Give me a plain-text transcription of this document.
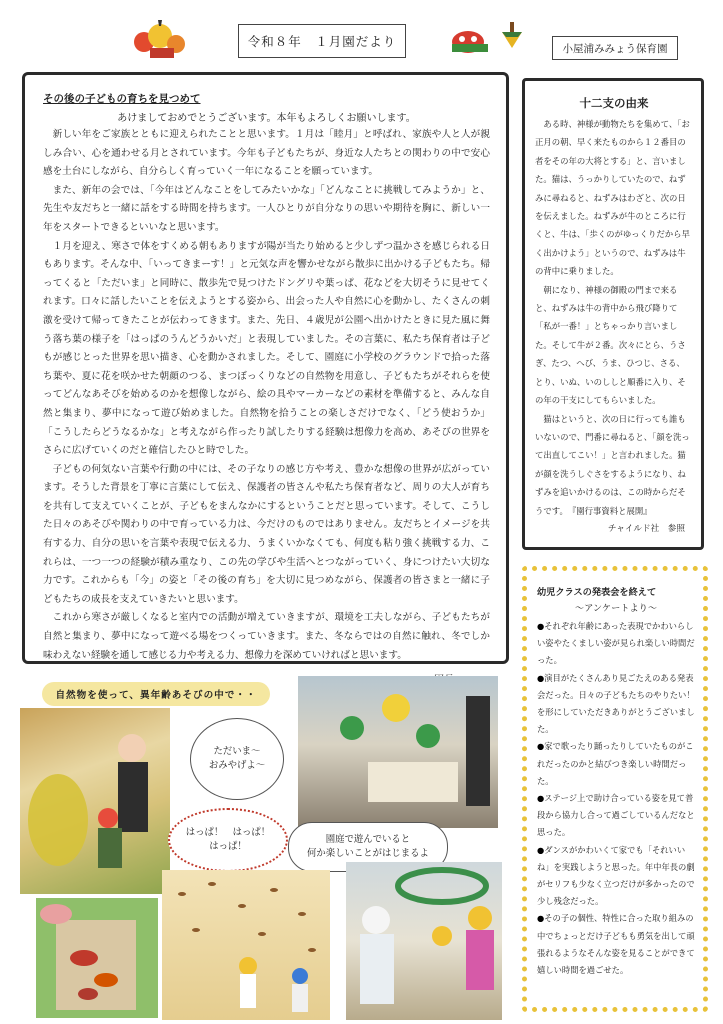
令和８年　１月園だより	小屋浦みみょう保育園
その後の子どもの育ちを見つめて
あけましておめでとうございます。本年もよろしくお願いします。

新しい年をご家族とともに迎えられたことと思います。１月は「睦月」と呼ばれ、家族や人と人が親しみ合い、心を通わせる月とされています。今年も子どもたちが、身近な人たちとの関わりの中で安心感を土台にしながら、自分らしく育っていく一年になることを願っています。

また、新年の会では、「今年はどんなことをしてみたいかな」「どんなことに挑戦してみようか」と、先生や友だちと一緒に話をする時間を持ちます。一人ひとりが自分なりの思いや期待を胸に、新しい一年をスタートできるといいなと思います。

１月を迎え、寒さで体をすくめる朝もありますが陽が当たり始めると少しずつ温かさを感じられる日もあります。そんな中、「いってきまーす！」と元気な声を響かせながら散歩に出かける子どもたち。帰ってくると「ただいま」と同時に、散歩先で見つけたドングリや葉っぱ、花などを大切そうに見せてくれます。口々に話したいことを伝えようとする姿から、出会った人や自然に心を動かし、たくさんの刺激を受けて帰ってきたことが伝わってきます。また、先日、４歳児が公園へ出かけたときに見た風に舞う落ち葉の様子を「はっぱのうんどうかいだ」と表現していました。その言葉に、私たち保育者は子どもが感じとった世界を思い描き、心を動かされました。そして、園庭に小学校のグラウンドで拾った落ち葉や、夏に花を咲かせた朝顔のつる、まつぼっくりなどの自然物を用意し、子どもたちがそれらを使ってどんなあそびを始めるのかを想像しながら、絵の具やマーカーなどの素材を準備すると、みんな自然と集まり、夢中になって遊び始めました。自然物を拾うことの楽しさだけでなく、「どう使おうか」「こうしたらどうなるかな」と考えながら作ったり試したりする経験は想像力を高め、あそびの世界をさらに広げていくのだと確信したひと時でした。

子どもの何気ない言葉や行動の中には、その子なりの感じ方や考え、豊かな想像の世界が広がっています。そうした背景を丁寧に言葉にして伝え、保護者の皆さんや私たち保育者など、周りの大人が育ちを共有して支えていくことが、子どもをまんなかにするということだと思っています。そして、こうした日々のあそびや関わりの中で育っている力は、今だけのものではありません。友だちとイメージを共有する力、自分の思いを言葉や表現で伝える力、うまくいかなくても、何度も粘り強く挑戦する力、これらは、一つ一つの経験が積み重なり、この先の学びや生活へとつながっていく、身につけたい大切な力です。これからも「今」の姿と「その後の育ち」を大切に見つめながら、保護者の皆さまと一緒に子どもたちの成長を支えていきたいと思います。

これから寒さが厳しくなると室内での活動が増えていきますが、環境を工夫しながら、子どもたちが自然と集まり、夢中になって遊べる場をつくっていきます。また、冬ならではの自然に触れ、冬でしか味わえない経験を通して感じる力や考える力、想像力を深めていければと思います。

十二支の由来

ある時、神様が動物たちを集めて、「お正月の朝、早く来たものから１２番目の者をその年の大将とする」と、言いました。猫は、うっかりしていたので、ねずみに尋ねると、ねずみはわざと、次の日を伝えました。ねずみが牛のところに行くと、牛は、「歩くのがゆっくりだから早く出かけよう」というので、ねずみは牛の背中に乗りました。

朝になり、神様の御殿の門まで来ると、ねずみは牛の背中から飛び降りて「私が一番！」とちゃっかり言いました。そして牛が２番。次々にとら、うさぎ、たつ、へび、うま、ひつじ、さる、とり、いぬ、いのししと順番に入り、その年の干支にしてもらいました。

猫はというと、次の日に行っても誰もいないので、門番に尋ねると、「顔を洗って出直してこい！」と言われました。猫が顔を洗うしぐさをするようになり、ねずみを追いかけるのは、この時からだそうです。　『園行事資料と展開』

チャイルド社　参照
幼児クラスの発表会を終えて
～アンケートより～

●それぞれ年齢にあった表現でかわいらしい姿やたくましい姿が見られ楽しい時間だった。

●演目がたくさんあり見ごたえのある発表会だった。日々の子どもたちのやりたい！を形にしていただきありがとうございました。

●家で歌ったり踊ったりしていたものがこれだったのかと結びつき楽しい時間だった。

●ステージ上で助け合っている姿を見て普段から協力し合って過ごしているんだなと思った。

●ダンスがかわいくて家でも「それいいね」を実践しようと思った。年中年長の劇がセリフも少なく立つだけが多かったので少し残念だった。

●その子の個性、特性に合った取り組みの中でちょっとだけ子どもも勇気を出して頑張れるようなそんな姿を見ることができて嬉しい時間を過ごせた。

自然物を使って、異年齢あそびの中で・・
ただいま～
おみやげよ～
はっぱ！　はっぱ！
はっぱ！
園庭で遊んでいると
何か楽しいことがはじまるよ
